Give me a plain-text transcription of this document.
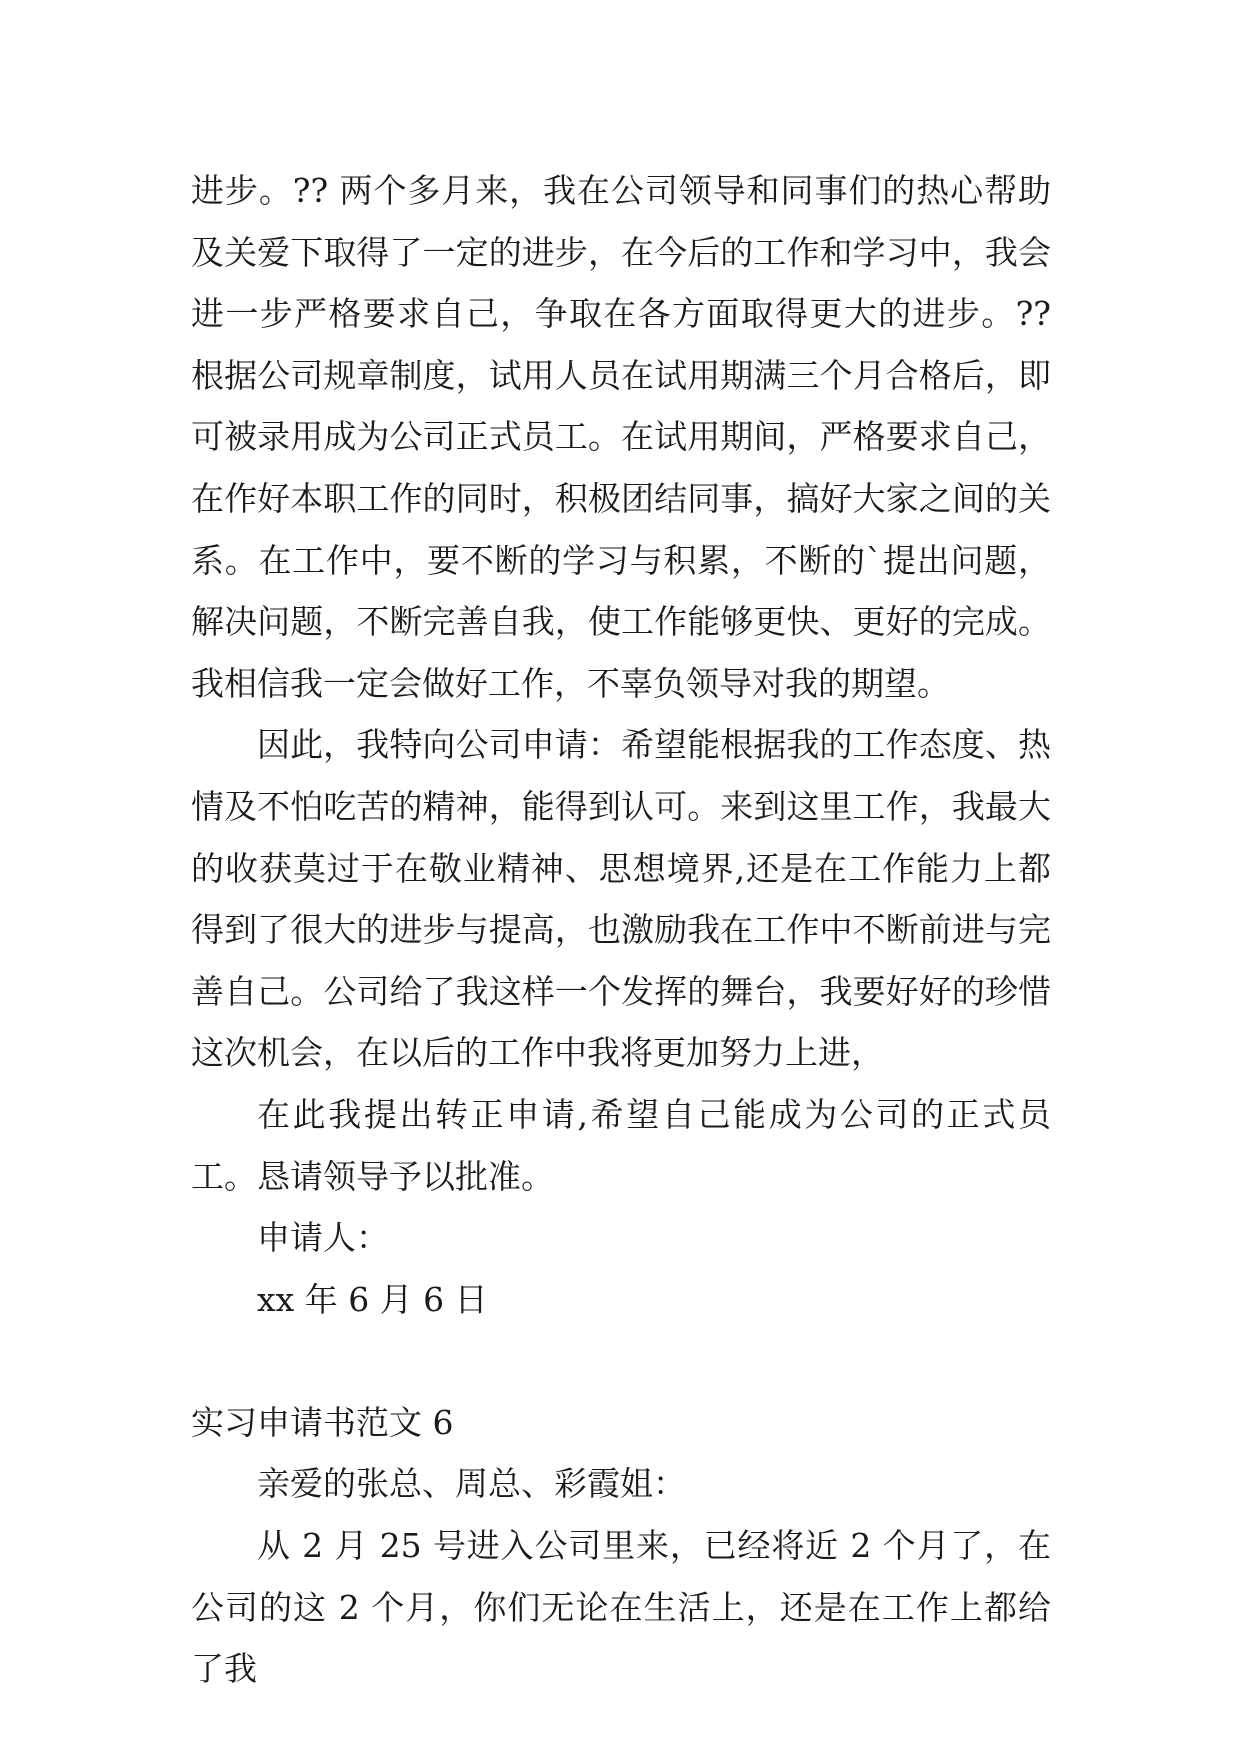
进步。?? 两个多月来，我在公司领导和同事们的热心帮助及关爱下取得了一定的进步，在今后的工作和学习中，我会进一步严格要求自己，争取在各方面取得更大的进步。??根据公司规章制度，试用人员在试用期满三个月合格后，即可被录用成为公司正式员工。在试用期间，严格要求自己，在作好本职工作的同时，积极团结同事，搞好大家之间的关系。在工作中，要不断的学习与积累，不断的`提出问题，解决问题，不断完善自我，使工作能够更快、更好的完成。我相信我一定会做好工作，不辜负领导对我的期望。

因此，我特向公司申请：希望能根据我的工作态度、热情及不怕吃苦的精神，能得到认可。来到这里工作，我最大的收获莫过于在敬业精神、思想境界,还是在工作能力上都得到了很大的进步与提高，也激励我在工作中不断前进与完善自己。公司给了我这样一个发挥的舞台，我要好好的珍惜这次机会，在以后的工作中我将更加努力上进，

在此我提出转正申请,希望自己能成为公司的正式员工。恳请领导予以批准。

申请人：

xx 年 6 月 6 日

实习申请书范文 6

亲爱的张总、周总、彩霞姐：

从 2 月 25 号进入公司里来，已经将近 2 个月了，在公司的这 2 个月，你们无论在生活上，还是在工作上都给了我
